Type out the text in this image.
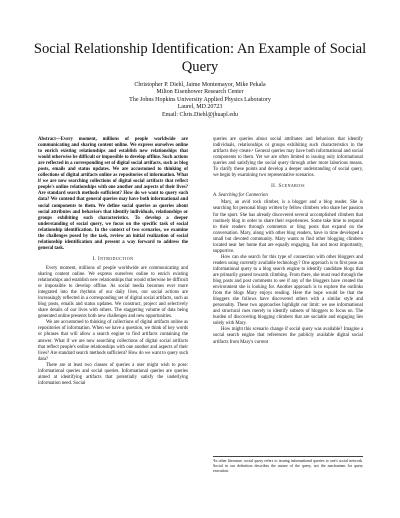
Social Relationship Identification: An Example of Social Query
Christopher P. Diehl, Jaime Montemayor, Mike Pekala
Milton Eisenhower Research Center
The Johns Hopkins University Applied Physics Laboratory
Laurel, MD 20723
Email: Chris.Diehl@jhuapl.edu

Abstract—Every moment, millions of people worldwide are communicating and sharing content online. We express ourselves online to enrich existing relationships and establish new relationships that would otherwise be difficult or impossible to develop offline. Such actions are reflected in a corresponding set of digital social artifacts, such as blog posts, emails and status updates. We are accustomed to thinking of collections of digital artifacts online as repositories of information. What if we are now searching collections of digital social artifacts that reflect people's online relationships with one another and aspects of their lives? Are standard search methods sufficient? How do we want to query such data? We contend that general queries may have both informational and social components to them. We define social queries as queries about social attributes and behaviors that identify individuals, relationships or groups exhibiting such characteristics. To develop a deeper understanding of social query, we focus on the specific task of social relationship identification. In the context of two scenarios, we examine the challenges posed by the task, review an initial realization of social relationship identification and present a way forward to address the general task.

I. Introduction

Every moment, millions of people worldwide are communicating and sharing content online. We express ourselves online to enrich existing relationships and establish new relationships that would otherwise be difficult or impossible to develop offline. As social media becomes ever more integrated into the rhythms of our daily lives, our social actions are increasingly reflected in a corresponding set of digital social artifacts, such as blog posts, emails and status updates. We construct, project and selectively share details of our lives with others. The staggering volume of data being generated online presents both new challenges and new opportunities.

We are accustomed to thinking of collections of digital artifacts online as repositories of information. When we have a question, we think of key words or phrases that will allow a search engine to find artifacts containing the answer. What if we are now searching collections of digital social artifacts that reflect people's online relationships with one another and aspects of their lives? Are standard search methods sufficient? How do we want to query such data?

There are at least two classes of queries a user might wish to pose: informational queries and social queries. Informational queries are queries aimed at identifying artifacts that potentially satisfy the underlying information need. Social

queries are queries about social attributes and behaviors that identify individuals, relationships or groups exhibiting such characteristics in the artifacts they create.¹ General queries may have both informational and social components to them. Yet we are often limited to issuing only informational queries and satisfying the social query through other more laborious means. To clarify these points and develop a deeper understanding of social query, we begin by examining two representative scenarios.

II. Scenarios
A. Searching for Connection

Mary, an avid rock climber, is a blogger and a blog reader. She is searching for personal blogs written by fellow climbers who share her passion for the sport. She has already discovered several accomplished climbers that routinely blog in order to share their experiences. Some take time to respond to their readers through comments or blog posts that expand on the conversation. Mary, along with other blog readers, have in time developed a small but devoted community. Mary wants to find other blogging climbers located near her home that are equally engaging, fun and most importantly, supportive.

How can she search for this type of connection with other bloggers and readers using currently available technology? One approach is to first pose an informational query to a blog search engine to identify candidate blogs that are primarily geared towards climbing. From there, she must read through the blog posts and post comments to see if any of the bloggers have created the environment she is looking for. Another approach is to explore the outlinks from the blogs Mary enjoys reading. Here the hope would be that the bloggers she follows have discovered others with a similar style and personality. These two approaches highlight our limit: we use informational and structural cues merely to identify subsets of bloggers to focus on. The burden of discovering blogging climbers that are sociable and engaging lies solely with Mary.

How might this scenario change if social query was available? Imagine a social search engine that references the publicly available digital social artifacts from Mary's current

¹In other literature, social query refers to issuing informational queries to one's social network. Social in our definition describes the nature of the query, not the mechanism for query execution.
